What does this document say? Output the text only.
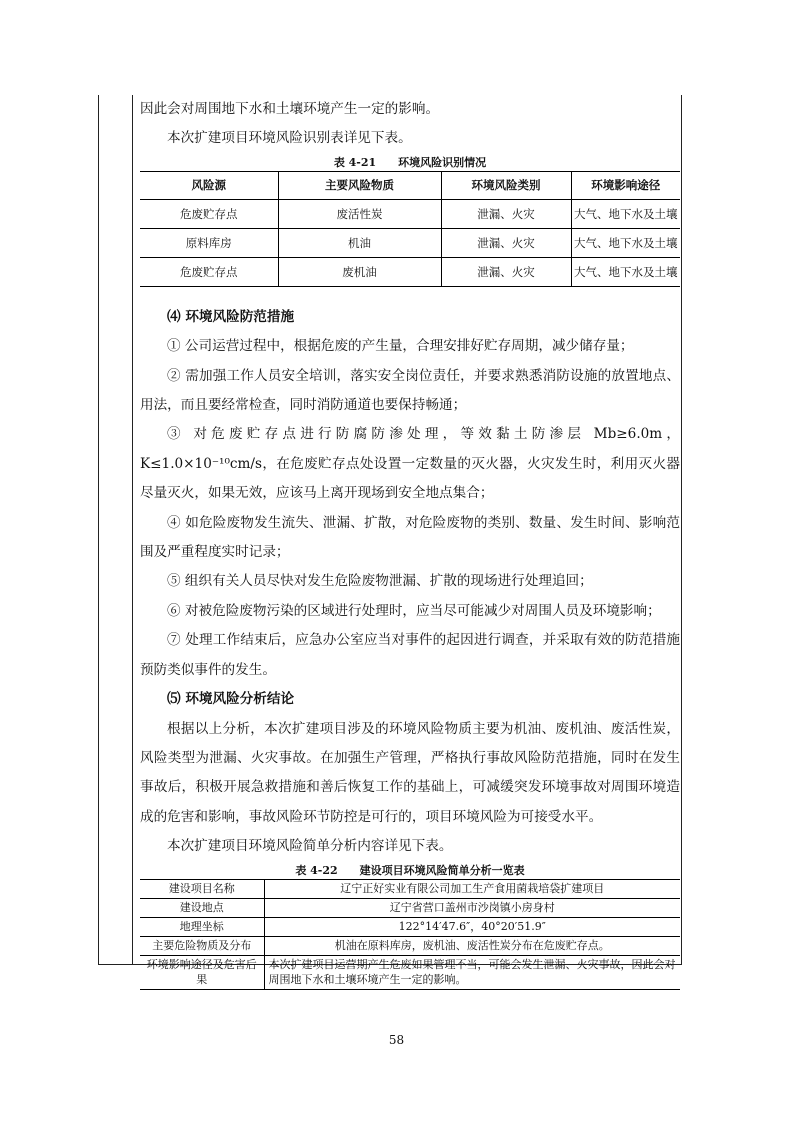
因此会对周围地下水和土壤环境产生一定的影响。

本次扩建项目环境风险识别表详见下表。

表 4-21 环境风险识别情况
风险源	主要风险物质	环境风险类别	环境影响途径
危废贮存点	废活性炭	泄漏、火灾	大气、地下水及土壤
原料库房	机油	泄漏、火灾	大气、地下水及土壤
危废贮存点	废机油	泄漏、火灾	大气、地下水及土壤

⑷ 环境风险防范措施

① 公司运营过程中，根据危废的产生量，合理安排好贮存周期，减少储存量；

② 需加强工作人员安全培训，落实安全岗位责任，并要求熟悉消防设施的放置地点、用法，而且要经常检查，同时消防通道也要保持畅通；

③ 对危废贮存点进行防腐防渗处理，等效黏土防渗层 Mb≥6.0m，K≤1.0×10⁻¹⁰cm/s，在危废贮存点处设置一定数量的灭火器，火灾发生时，利用灭火器尽量灭火，如果无效，应该马上离开现场到安全地点集合；

④ 如危险废物发生流失、泄漏、扩散，对危险废物的类别、数量、发生时间、影响范围及严重程度实时记录；

⑤ 组织有关人员尽快对发生危险废物泄漏、扩散的现场进行处理追回；

⑥ 对被危险废物污染的区域进行处理时，应当尽可能减少对周围人员及环境影响；

⑦ 处理工作结束后，应急办公室应当对事件的起因进行调查，并采取有效的防范措施预防类似事件的发生。

⑸ 环境风险分析结论

根据以上分析，本次扩建项目涉及的环境风险物质主要为机油、废机油、废活性炭，风险类型为泄漏、火灾事故。在加强生产管理，严格执行事故风险防范措施，同时在发生事故后，积极开展急救措施和善后恢复工作的基础上，可减缓突发环境事故对周围环境造成的危害和影响，事故风险环节防控是可行的，项目环境风险为可接受水平。

本次扩建项目环境风险简单分析内容详见下表。

表 4-22 建设项目环境风险简单分析一览表
建设项目名称	辽宁正好实业有限公司加工生产食用菌栽培袋扩建项目
建设地点	辽宁省营口盖州市沙岗镇小房身村
地理坐标	122°14′47.6″，40°20′51.9″
主要危险物质及分布	机油在原料库房，废机油、废活性炭分布在危废贮存点。
环境影响途径及危害后果	本次扩建项目运营期产生危废如果管理不当，可能会发生泄漏、火灾事故，因此会对周围地下水和土壤环境产生一定的影响。
58
